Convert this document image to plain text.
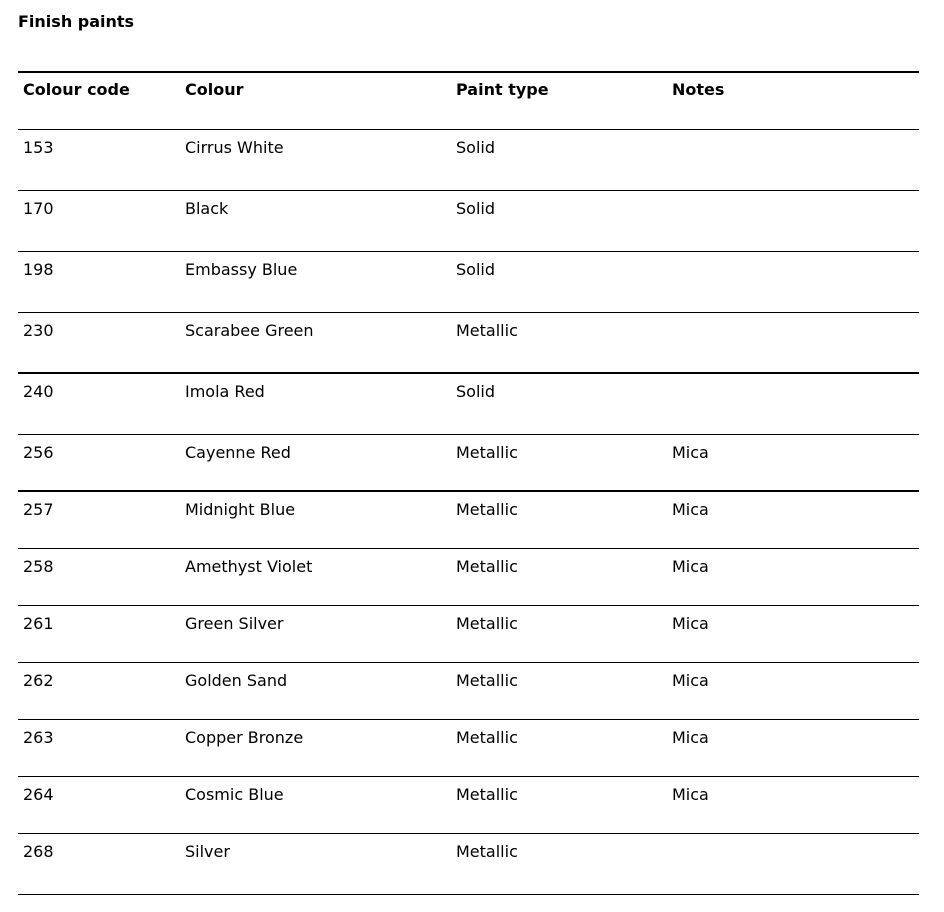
Finish paints
Colour code	Colour	Paint type	Notes
153	Cirrus White	Solid
170	Black	Solid
198	Embassy Blue	Solid
230	Scarabee Green	Metallic
240	Imola Red	Solid
256	Cayenne Red	Metallic	Mica
257	Midnight Blue	Metallic	Mica
258	Amethyst Violet	Metallic	Mica
261	Green Silver	Metallic	Mica
262	Golden Sand	Metallic	Mica
263	Copper Bronze	Metallic	Mica
264	Cosmic Blue	Metallic	Mica
268	Silver	Metallic
